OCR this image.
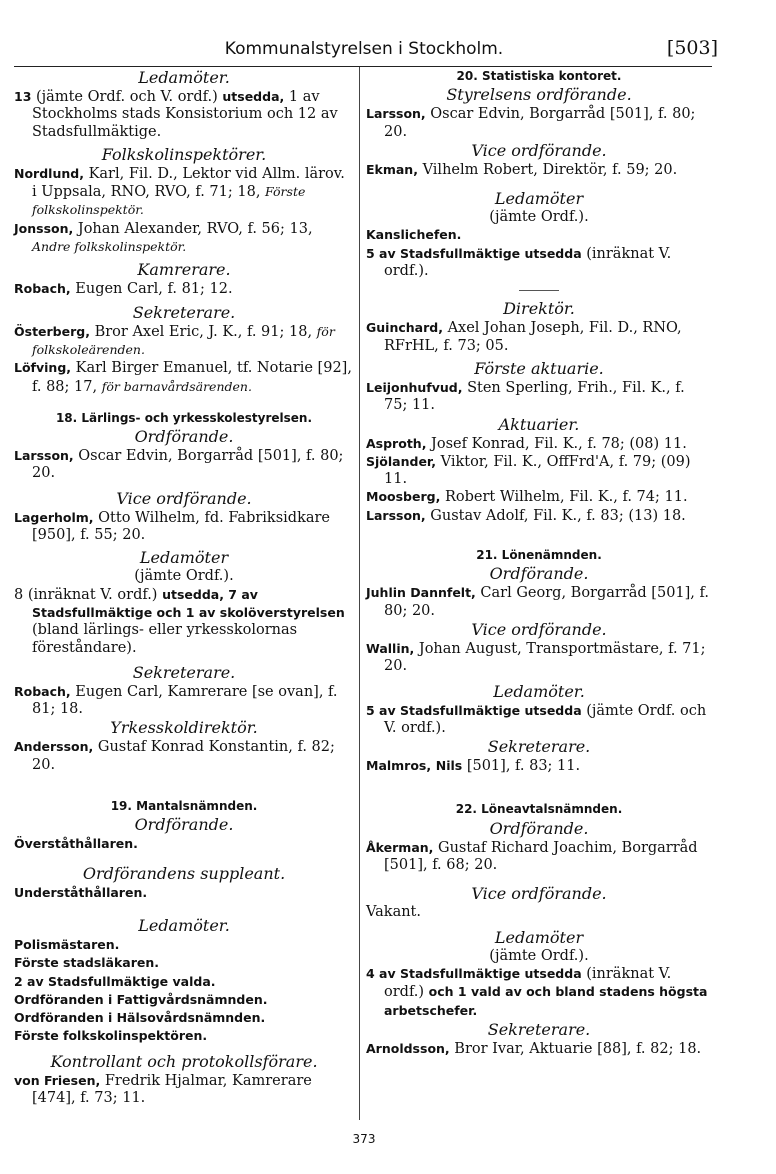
Kommunalstyrelsen i Stockholm.	[503]

Ledamöter.

13 (jämte Ordf. och V. ordf.) utsedda, 1 av Stockholms stads Konsistorium och 12 av Stadsfullmäktige.

Folkskolinspektörer.

Nordlund, Karl, Fil. D., Lektor vid Allm. lärov. i Uppsala, RNO, RVO, f. 71; 18, Förste folkskolinspektör.

Jonsson, Johan Alexander, RVO, f. 56; 13, Andre folkskolinspektör.

Kamrerare.

Robach, Eugen Carl, f. 81; 12.

Sekreterare.

Österberg, Bror Axel Eric, J. K., f. 91; 18, för folkskoleärenden.

Löfving, Karl Birger Emanuel, tf. Notarie [92], f. 88; 17, för barnavårdsärenden.

18. Lärlings- och yrkesskolestyrelsen.

Ordförande.

Larsson, Oscar Edvin, Borgarråd [501], f. 80; 20.

Vice ordförande.

Lagerholm, Otto Wilhelm, fd. Fabriksidkare [950], f. 55; 20.

Ledamöter

(jämte Ordf.).

8 (inräknat V. ordf.) utsedda, 7 av Stadsfullmäktige och 1 av skolöverstyrelsen (bland lärlings- eller yrkesskolornas föreståndare).

Sekreterare.

Robach, Eugen Carl, Kamrerare [se ovan], f. 81; 18.

Yrkesskoldirektör.

Andersson, Gustaf Konrad Konstantin, f. 82; 20.

19. Mantalsnämnden.

Ordförande.

Överståthållaren.

Ordförandens suppleant.

Underståthållaren.

Ledamöter.

Polismästaren.

Förste stadsläkaren.

2 av Stadsfullmäktige valda.

Ordföranden i Fattigvårdsnämnden.

Ordföranden i Hälsovårdsnämnden.

Förste folkskolinspektören.

Kontrollant och protokollsförare.

von Friesen, Fredrik Hjalmar, Kamrerare [474], f. 73; 11.

20. Statistiska kontoret.

Styrelsens ordförande.

Larsson, Oscar Edvin, Borgarråd [501], f. 80; 20.

Vice ordförande.

Ekman, Vilhelm Robert, Direktör, f. 59; 20.

Ledamöter

(jämte Ordf.).

Kanslichefen.

5 av Stadsfullmäktige utsedda (inräknat V. ordf.).

Direktör.

Guinchard, Axel Johan Joseph, Fil. D., RNO, RFrHL, f. 73; 05.

Förste aktuarie.

Leijonhufvud, Sten Sperling, Frih., Fil. K., f. 75; 11.

Aktuarier.

Asproth, Josef Konrad, Fil. K., f. 78; (08) 11.

Sjölander, Viktor, Fil. K., OffFrd'A, f. 79; (09) 11.

Moosberg, Robert Wilhelm, Fil. K., f. 74; 11.

Larsson, Gustav Adolf, Fil. K., f. 83; (13) 18.

21. Lönenämnden.

Ordförande.

Juhlin Dannfelt, Carl Georg, Borgarråd [501], f. 80; 20.

Vice ordförande.

Wallin, Johan August, Transportmästare, f. 71; 20.

Ledamöter.

5 av Stadsfullmäktige utsedda (jämte Ordf. och V. ordf.).

Sekreterare.

Malmros, Nils [501], f. 83; 11.

22. Löneavtalsnämnden.

Ordförande.

Åkerman, Gustaf Richard Joachim, Borgarråd [501], f. 68; 20.

Vice ordförande.

Vakant.

Ledamöter

(jämte Ordf.).

4 av Stadsfullmäktige utsedda (inräknat V. ordf.) och 1 vald av och bland stadens högsta arbetschefer.

Sekreterare.

Arnoldsson, Bror Ivar, Aktuarie [88], f. 82; 18.

373
